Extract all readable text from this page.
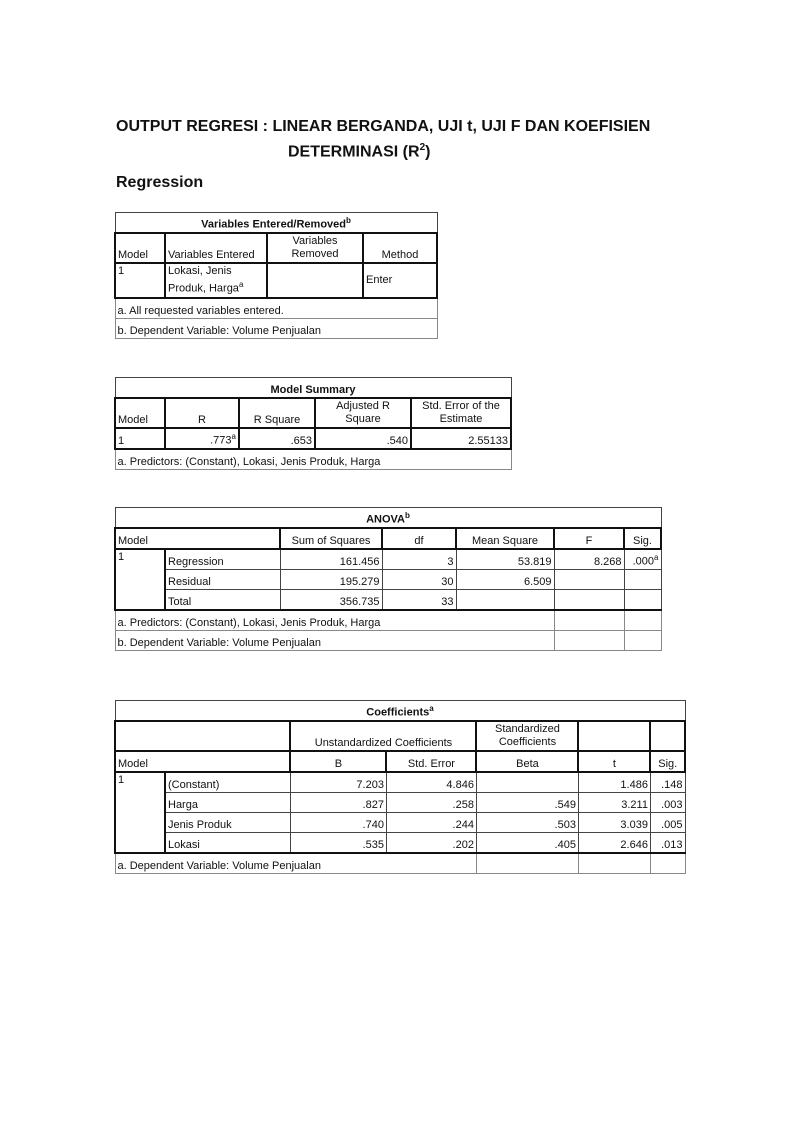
OUTPUT REGRESI : LINEAR BERGANDA, UJI t, UJI F DAN KOEFISIEN
DETERMINASI $(R^2)$
Regression
Variables Entered/Removed$^b$
Model	Variables Entered	Variables Removed	Method
1	Lokasi, Jenis Produk, Harga$^a$		Enter
a. All requested variables entered.			
b. Dependent Variable: Volume Penjualan			
Model Summary				
Model	R	R Square	Adjusted R Square	Std. Error of the Estimate
1	.773$^a$	.653	.540	2.55133
a. Predictors: (Constant), Lokasi, Jenis Produk, Harga				
ANOVA$^b$
Model		Sum of Squares	df	Mean Square	F	Sig.
1	Regression	161.456	3	53.819	8.268	.000$^a$
	Residual	195.279	30	6.509		
	Total	356.735	33			
a. Predictors: (Constant), Lokasi, Jenis Produk, Harga						
b. Dependent Variable: Volume Penjualan						
Coefficients$^a$
		Unstandardized Coefficients		Standardized Coefficients		
Model		B	Std. Error	Beta	t	Sig.
1	(Constant)	7.203	4.846		1.486	.148
	Harga	.827	.258	.549	3.211	.003
	Jenis Produk	.740	.244	.503	3.039	.005
	Lokasi	.535	.202	.405	2.646	.013
a. Dependent Variable: Volume Penjualan						
